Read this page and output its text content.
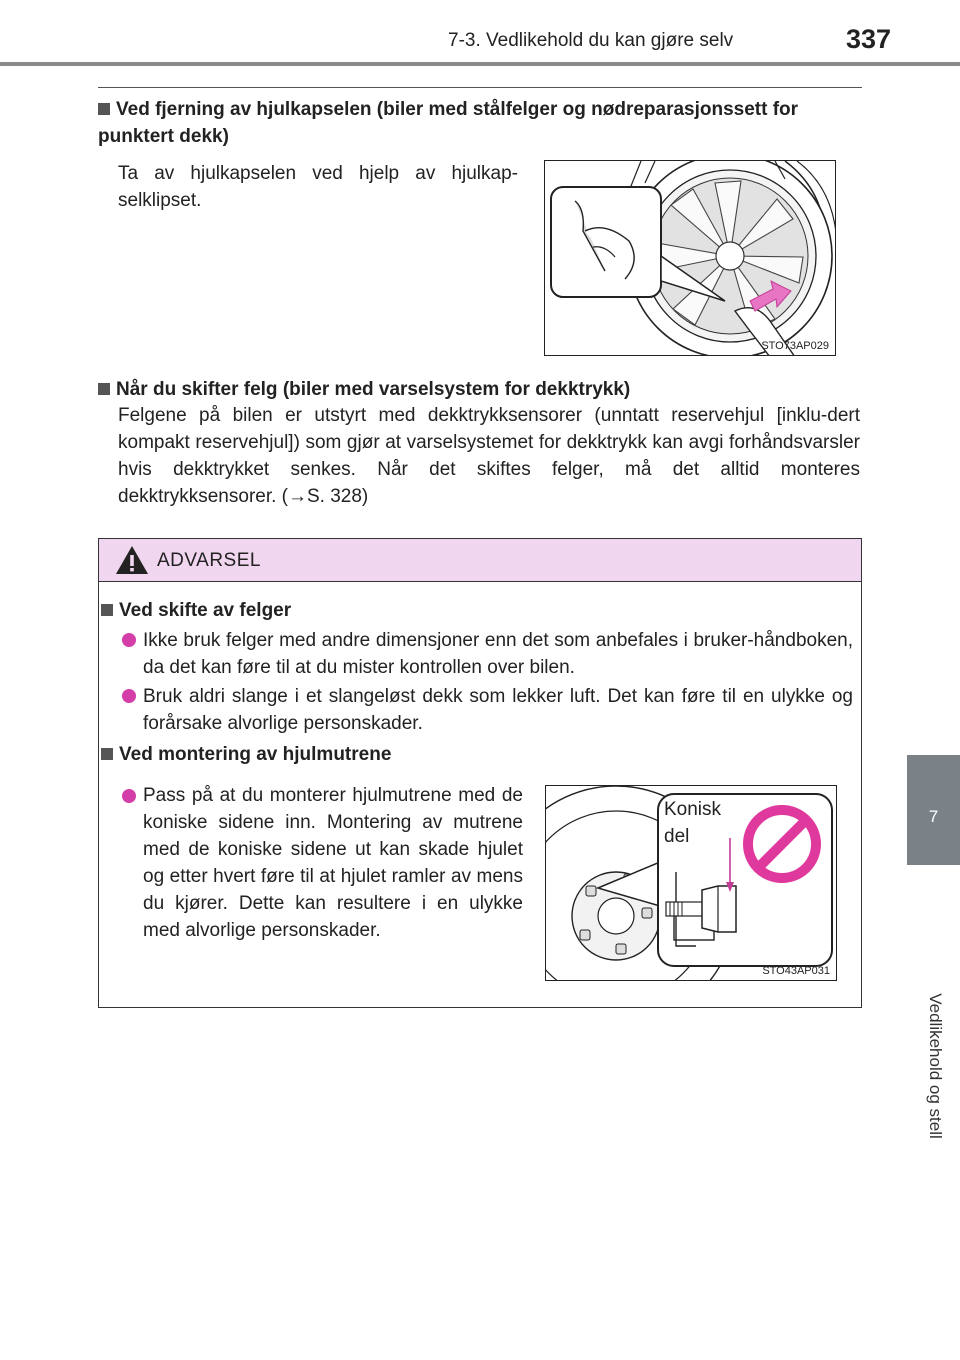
7-3. Vedlikehold du kan gjøre selv	337
7
Vedlikehold og stell
Ved fjerning av hjulkapselen (biler med stålfelger og nødreparasjonssett for punktert dekk)
Ta av hjulkapselen ved hjelp av hjulkap-selklipset.
STO73AP029
Når du skifter felg (biler med varselsystem for dekktrykk)
Felgene på bilen er utstyrt med dekktrykksensorer (unntatt reservehjul [inklu-dert kompakt reservehjul]) som gjør at varselsystemet for dekktrykk kan avgi forhåndsvarsler hvis dekktrykket senkes. Når det skiftes felger, må det alltid monteres dekktrykksensorer. (→S. 328)
ADVARSEL
Ved skifte av felger
Ikke bruk felger med andre dimensjoner enn det som anbefales i bruker-håndboken, da det kan føre til at du mister kontrollen over bilen.
Bruk aldri slange i et slangeløst dekk som lekker luft. Det kan føre til en ulykke og forårsake alvorlige personskader.
Ved montering av hjulmutrene
Pass på at du monterer hjulmutrene med de koniske sidene inn. Montering av mutrene med de koniske sidene ut kan skade hjulet og etter hvert føre til at hjulet ramler av mens du kjører. Dette kan resultere i en ulykke med alvorlige personskader.
Konisk del
STO43AP031
